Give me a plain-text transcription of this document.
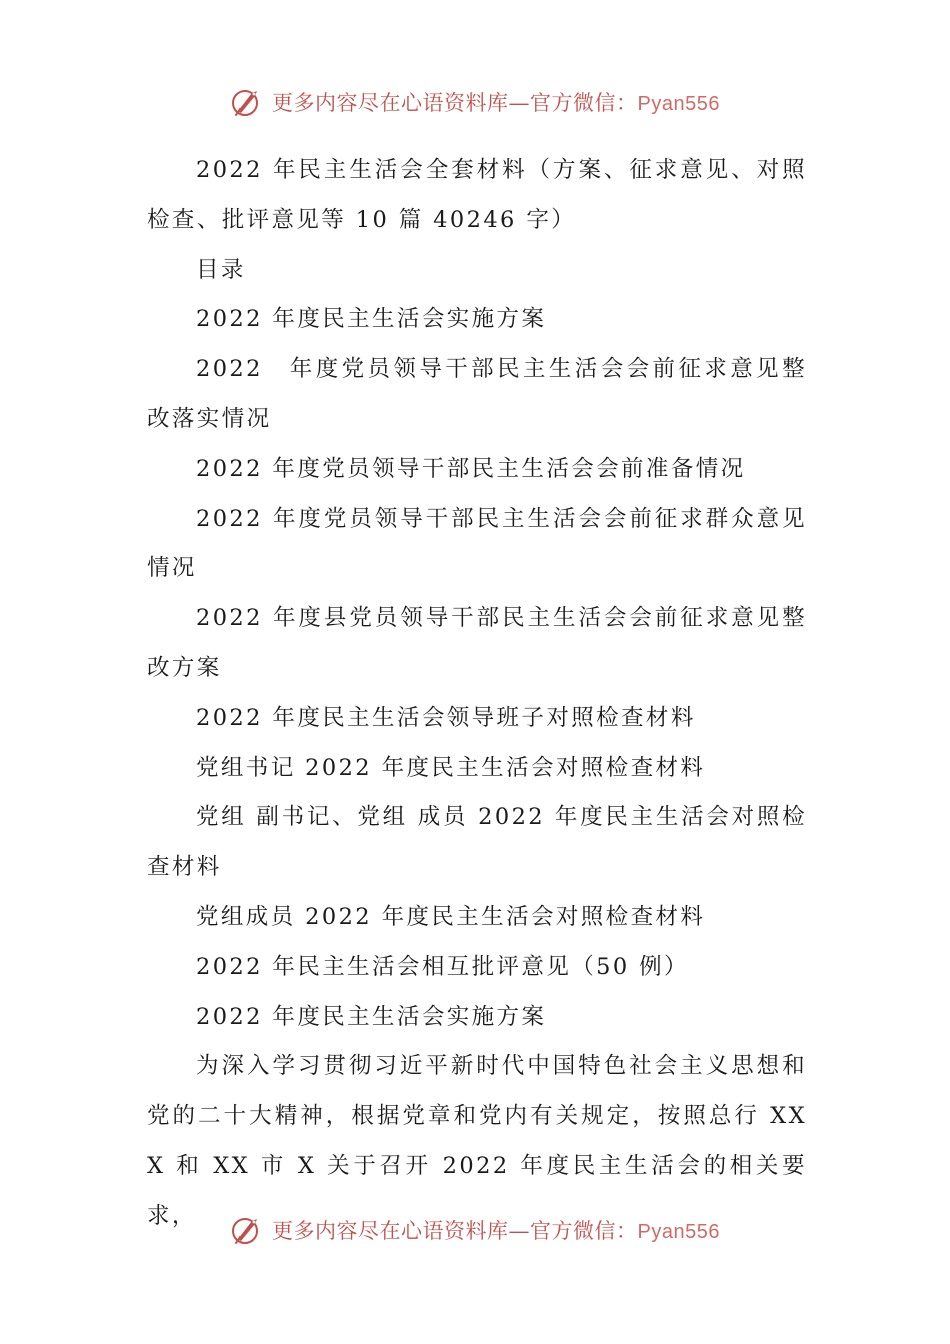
更多内容尽在心语资料库—官方微信：Pyan556

2022 年民主生活会全套材料（方案、征求意见、对照检查、批评意见等 10 篇 40246 字）

目录

2022 年度民主生活会实施方案

2022　年度党员领导干部民主生活会会前征求意见整改落实情况

2022 年度党员领导干部民主生活会会前准备情况

2022 年度党员领导干部民主生活会会前征求群众意见情况

2022 年度县党员领导干部民主生活会会前征求意见整改方案

2022 年度民主生活会领导班子对照检查材料

党组书记 2022 年度民主生活会对照检查材料

党组 副书记、党组 成员 2022 年度民主生活会对照检查材料

党组成员 2022 年度民主生活会对照检查材料

2022 年民主生活会相互批评意见（50 例）

2022 年度民主生活会实施方案

为深入学习贯彻习近平新时代中国特色社会主义思想和党的二十大精神，根据党章和党内有关规定，按照总行 XXX 和 XX 市 X 关于召开 2022 年度民主生活会的相关要求，

更多内容尽在心语资料库—官方微信：Pyan556
